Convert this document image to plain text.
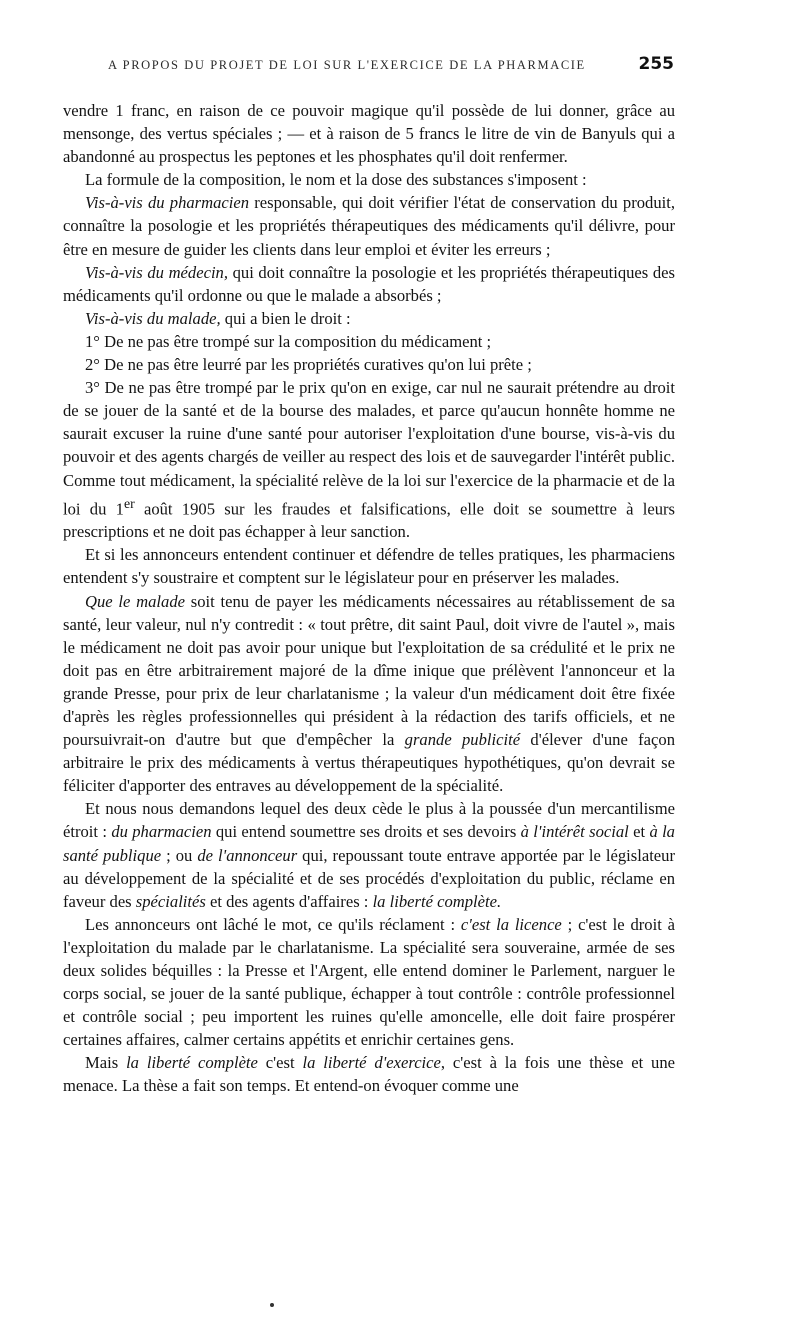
A PROPOS DU PROJET DE LOI SUR L'EXERCICE DE LA PHARMACIE	255

vendre 1 franc, en raison de ce pouvoir magique qu'il possède de lui donner, grâce au mensonge, des vertus spéciales ; — et à raison de 5 francs le litre de vin de Banyuls qui a abandonné au prospectus les peptones et les phosphates qu'il doit renfermer.

La formule de la composition, le nom et la dose des substances s'imposent :

Vis-à-vis du pharmacien responsable, qui doit vérifier l'état de conservation du produit, connaître la posologie et les propriétés thérapeutiques des médicaments qu'il délivre, pour être en mesure de guider les clients dans leur emploi et éviter les erreurs ;

Vis-à-vis du médecin, qui doit connaître la posologie et les propriétés thérapeutiques des médicaments qu'il ordonne ou que le malade a absorbés ;

Vis-à-vis du malade, qui a bien le droit :

1° De ne pas être trompé sur la composition du médicament ;

2° De ne pas être leurré par les propriétés curatives qu'on lui prête ;

3° De ne pas être trompé par le prix qu'on en exige, car nul ne saurait prétendre au droit de se jouer de la santé et de la bourse des malades, et parce qu'aucun honnête homme ne saurait excuser la ruine d'une santé pour autoriser l'exploitation d'une bourse, vis-à-vis du pouvoir et des agents chargés de veiller au respect des lois et de sauvegarder l'intérêt public. Comme tout médicament, la spécialité relève de la loi sur l'exercice de la pharmacie et de la loi du 1er août 1905 sur les fraudes et falsifications, elle doit se soumettre à leurs prescriptions et ne doit pas échapper à leur sanction.

Et si les annonceurs entendent continuer et défendre de telles pratiques, les pharmaciens entendent s'y soustraire et comptent sur le législateur pour en préserver les malades.

Que le malade soit tenu de payer les médicaments nécessaires au rétablissement de sa santé, leur valeur, nul n'y contredit : « tout prêtre, dit saint Paul, doit vivre de l'autel », mais le médicament ne doit pas avoir pour unique but l'exploitation de sa crédulité et le prix ne doit pas en être arbitrairement majoré de la dîme inique que prélèvent l'annonceur et la grande Presse, pour prix de leur charlatanisme ; la valeur d'un médicament doit être fixée d'après les règles professionnelles qui président à la rédaction des tarifs officiels, et ne poursuivrait-on d'autre but que d'empêcher la grande publicité d'élever d'une façon arbitraire le prix des médicaments à vertus thérapeutiques hypothétiques, qu'on devrait se féliciter d'apporter des entraves au développement de la spécialité.

Et nous nous demandons lequel des deux cède le plus à la poussée d'un mercantilisme étroit : du pharmacien qui entend soumettre ses droits et ses devoirs à l'intérêt social et à la santé publique ; ou de l'annonceur qui, repoussant toute entrave apportée par le législateur au développement de la spécialité et de ses procédés d'exploitation du public, réclame en faveur des spécialités et des agents d'affaires : la liberté complète.

Les annonceurs ont lâché le mot, ce qu'ils réclament : c'est la licence ; c'est le droit à l'exploitation du malade par le charlatanisme. La spécialité sera souveraine, armée de ses deux solides béquilles : la Presse et l'Argent, elle entend dominer le Parlement, narguer le corps social, se jouer de la santé publique, échapper à tout contrôle : contrôle professionnel et contrôle social ; peu importent les ruines qu'elle amoncelle, elle doit faire prospérer certaines affaires, calmer certains appétits et enrichir certaines gens.

Mais la liberté complète c'est la liberté d'exercice, c'est à la fois une thèse et une menace. La thèse a fait son temps. Et entend-on évoquer comme une
